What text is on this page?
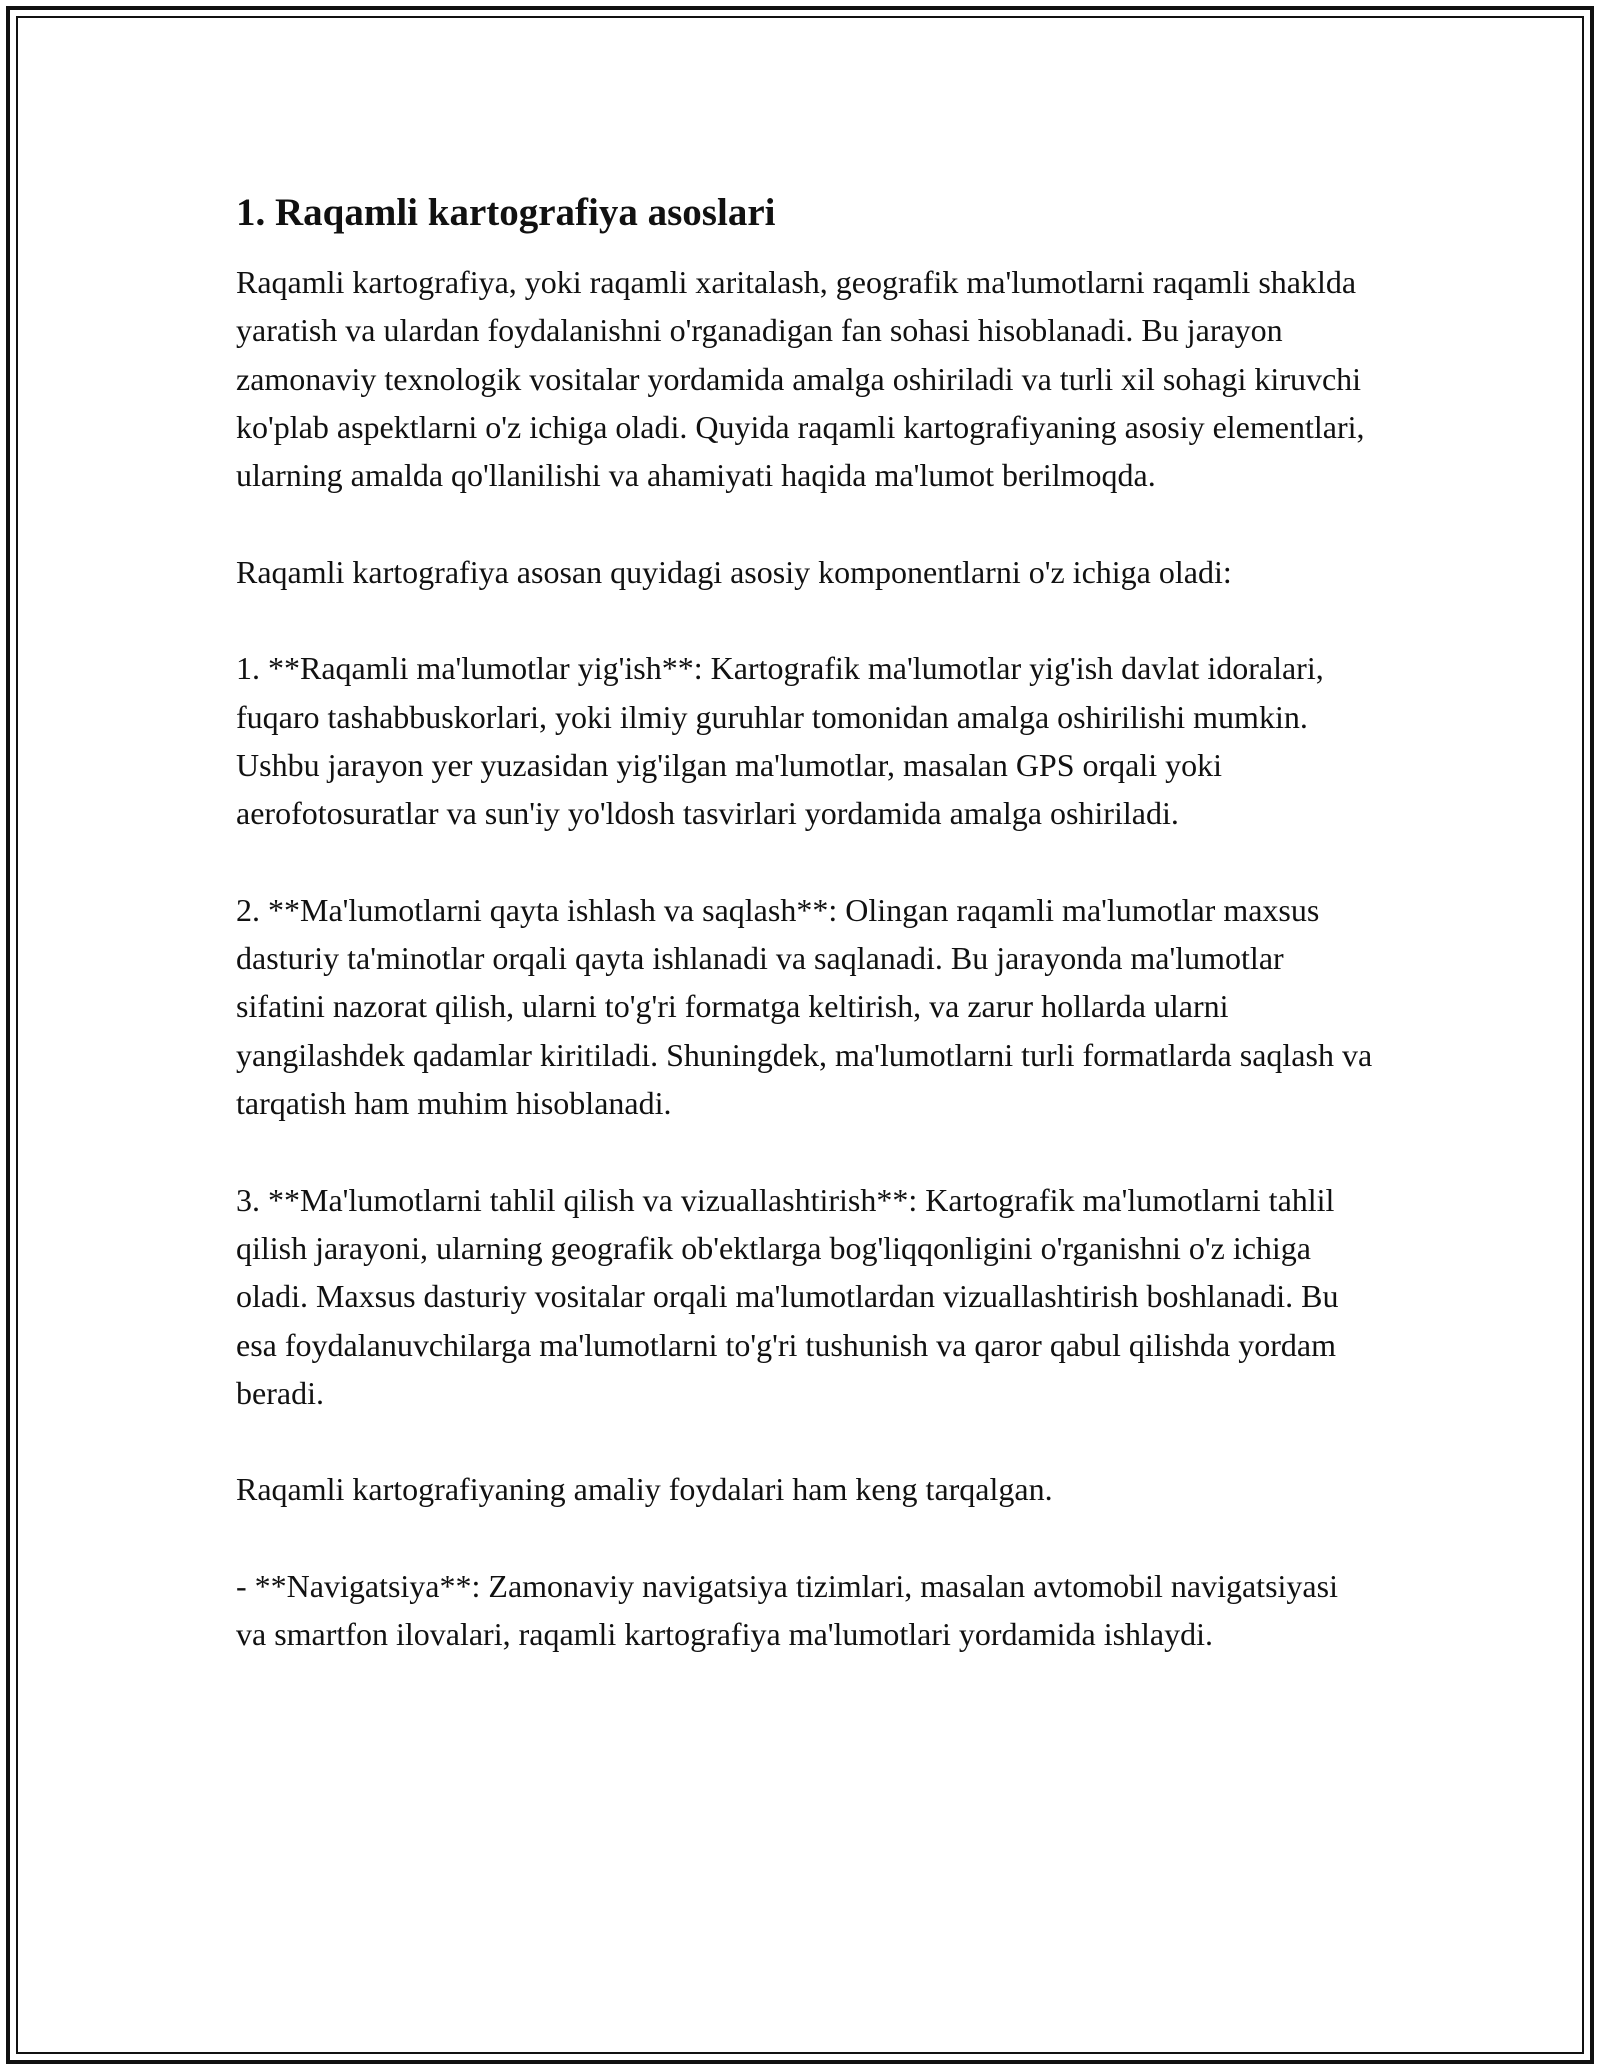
1. Raqamli kartografiya asoslari

Raqamli kartografiya, yoki raqamli xaritalash, geografik ma'lumotlarni raqamli shaklda yaratish va ulardan foydalanishni o'rganadigan fan sohasi hisoblanadi. Bu jarayon zamonaviy texnologik vositalar yordamida amalga oshiriladi va turli xil sohagi kiruvchi ko'plab aspektlarni o'z ichiga oladi. Quyida raqamli kartografiyaning asosiy elementlari, ularning amalda qo'llanilishi va ahamiyati haqida ma'lumot berilmoqda.

Raqamli kartografiya asosan quyidagi asosiy komponentlarni o'z ichiga oladi:

1. **Raqamli ma'lumotlar yig'ish**: Kartografik ma'lumotlar yig'ish davlat idoralari, fuqaro tashabbuskorlari, yoki ilmiy guruhlar tomonidan amalga oshirilishi mumkin. Ushbu jarayon yer yuzasidan yig'ilgan ma'lumotlar, masalan GPS orqali yoki aerofotosuratlar va sun'iy yo'ldosh tasvirlari yordamida amalga oshiriladi.

2. **Ma'lumotlarni qayta ishlash va saqlash**: Olingan raqamli ma'lumotlar maxsus dasturiy ta'minotlar orqali qayta ishlanadi va saqlanadi. Bu jarayonda ma'lumotlar sifatini nazorat qilish, ularni to'g'ri formatga keltirish, va zarur hollarda ularni yangilashdek qadamlar kiritiladi. Shuningdek, ma'lumotlarni turli formatlarda saqlash va tarqatish ham muhim hisoblanadi.

3. **Ma'lumotlarni tahlil qilish va vizuallashtirish**: Kartografik ma'lumotlarni tahlil qilish jarayoni, ularning geografik ob'ektlarga bog'liqqonligini o'rganishni o'z ichiga oladi. Maxsus dasturiy vositalar orqali ma'lumotlardan vizuallashtirish boshlanadi. Bu esa foydalanuvchilarga ma'lumotlarni to'g'ri tushunish va qaror qabul qilishda yordam beradi.

Raqamli kartografiyaning amaliy foydalari ham keng tarqalgan.

- **Navigatsiya**: Zamonaviy navigatsiya tizimlari, masalan avtomobil navigatsiyasi va smartfon ilovalari, raqamli kartografiya ma'lumotlari yordamida ishlaydi.
